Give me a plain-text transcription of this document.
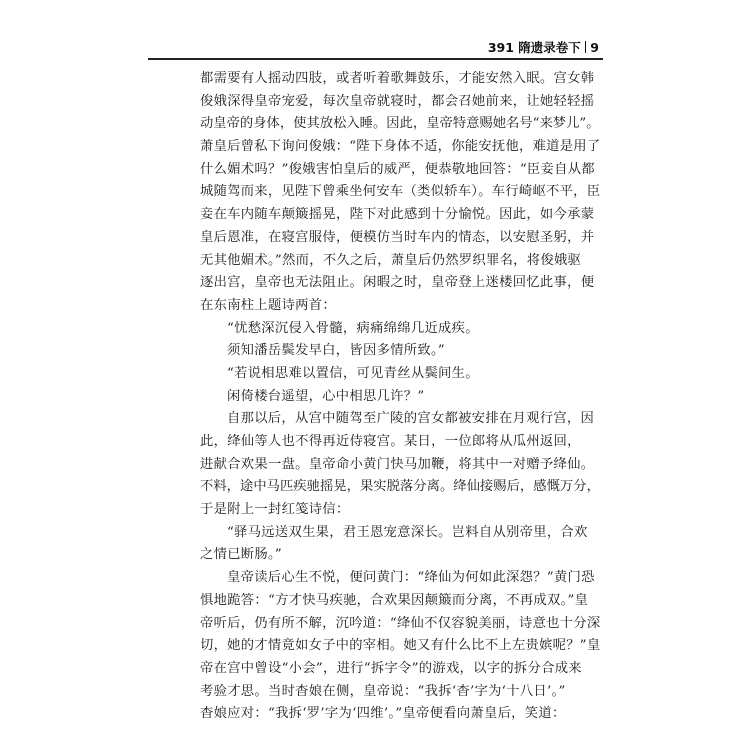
391 隋遗录卷下 9
都需要有人摇动四肢，或者听着歌舞鼓乐，才能安然入眠。宫女韩
俊娥深得皇帝宠爱，每次皇帝就寝时，都会召她前来，让她轻轻摇
动皇帝的身体，使其放松入睡。因此，皇帝特意赐她名号“来梦儿”。
萧皇后曾私下询问俊娥：“陛下身体不适，你能安抚他，难道是用了
什么媚术吗？”俊娥害怕皇后的威严，便恭敬地回答：“臣妾自从都
城随驾而来，见陛下曾乘坐何安车（类似轿车）。车行崎岖不平，臣
妾在车内随车颠簸摇晃，陛下对此感到十分愉悦。因此，如今承蒙
皇后恩准，在寝宫服侍，便模仿当时车内的情态，以安慰圣躬，并
无其他媚术。”然而，不久之后，萧皇后仍然罗织罪名，将俊娥驱
逐出宫，皇帝也无法阻止。闲暇之时，皇帝登上迷楼回忆此事，便
在东南柱上题诗两首：
“忧愁深沉侵入骨髓，病痛绵绵几近成疾。
须知潘岳鬓发早白，皆因多情所致。”
“若说相思难以置信，可见青丝从鬓间生。
闲倚楼台遥望，心中相思几许？”
自那以后，从宫中随驾至广陵的宫女都被安排在月观行宫，因
此，绛仙等人也不得再近侍寝宫。某日，一位郎将从瓜州返回，
进献合欢果一盘。皇帝命小黄门快马加鞭，将其中一对赠予绛仙。
不料，途中马匹疾驰摇晃，果实脱落分离。绛仙接赐后，感慨万分，
于是附上一封红笺诗信：
“驿马远送双生果，君王恩宠意深长。岂料自从别帝里，合欢
之情已断肠。”
皇帝读后心生不悦，便问黄门：“绛仙为何如此深怨？”黄门恐
惧地跪答：“方才快马疾驰，合欢果因颠簸而分离，不再成双。”皇
帝听后，仍有所不解，沉吟道：“绛仙不仅容貌美丽，诗意也十分深
切，她的才情竟如女子中的宰相。她又有什么比不上左贵嫔呢？”皇
帝在宫中曾设“小会”，进行“拆字令”的游戏，以字的拆分合成来
考验才思。当时杳娘在侧，皇帝说：“我拆‘杳’字为‘十八日’。”
杳娘应对：“我拆‘罗’字为‘四维’。”皇帝便看向萧皇后，笑道：
